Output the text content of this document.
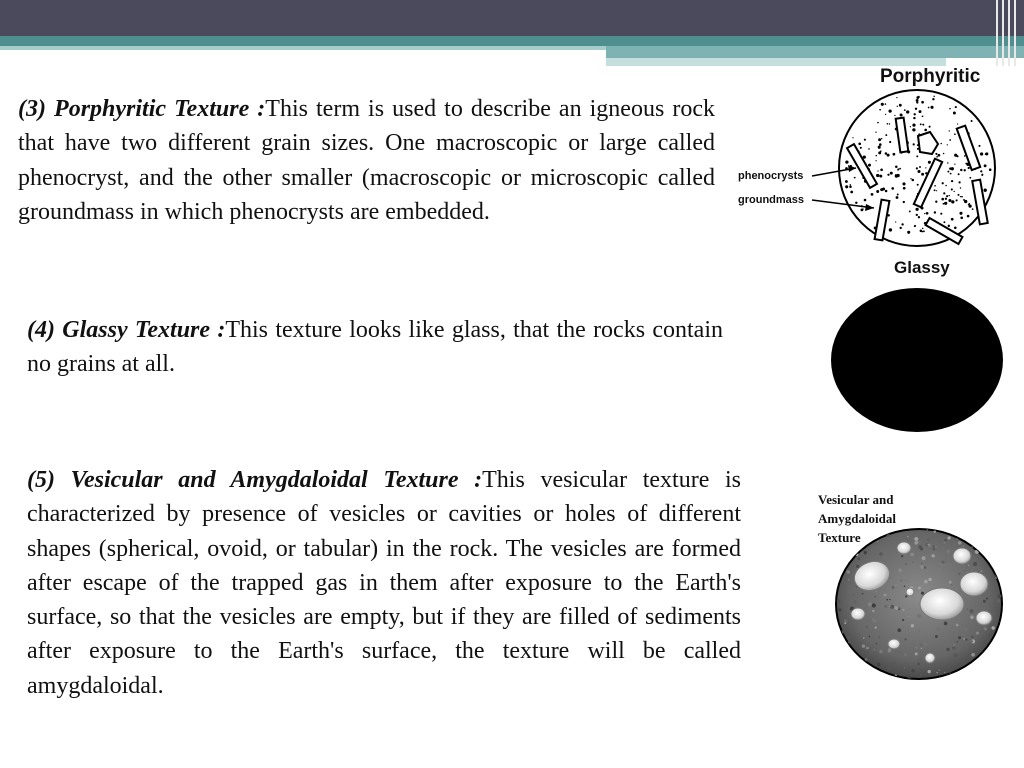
(3) Porphyritic Texture :This term is used to describe an igneous rock that have two different grain sizes. One macroscopic or large called phenocryst, and the other smaller (macroscopic or microscopic called groundmass in which phenocrysts are embedded.

(4) Glassy Texture :This texture looks like glass, that the rocks contain no grains at all.

(5) Vesicular and Amygdaloidal Texture :This vesicular texture is characterized by presence of vesicles or cavities or holes of different shapes (spherical, ovoid, or tabular) in the rock. The vesicles are formed after escape of the trapped gas in them after exposure to the Earth's surface, so that the vesicles are empty, but if they are filled of sediments after exposure to the Earth's surface, the texture will be called amygdaloidal.

Porphyritic
phenocrysts
groundmass
Glassy
Vesicular and
Amygdaloidal
Texture
